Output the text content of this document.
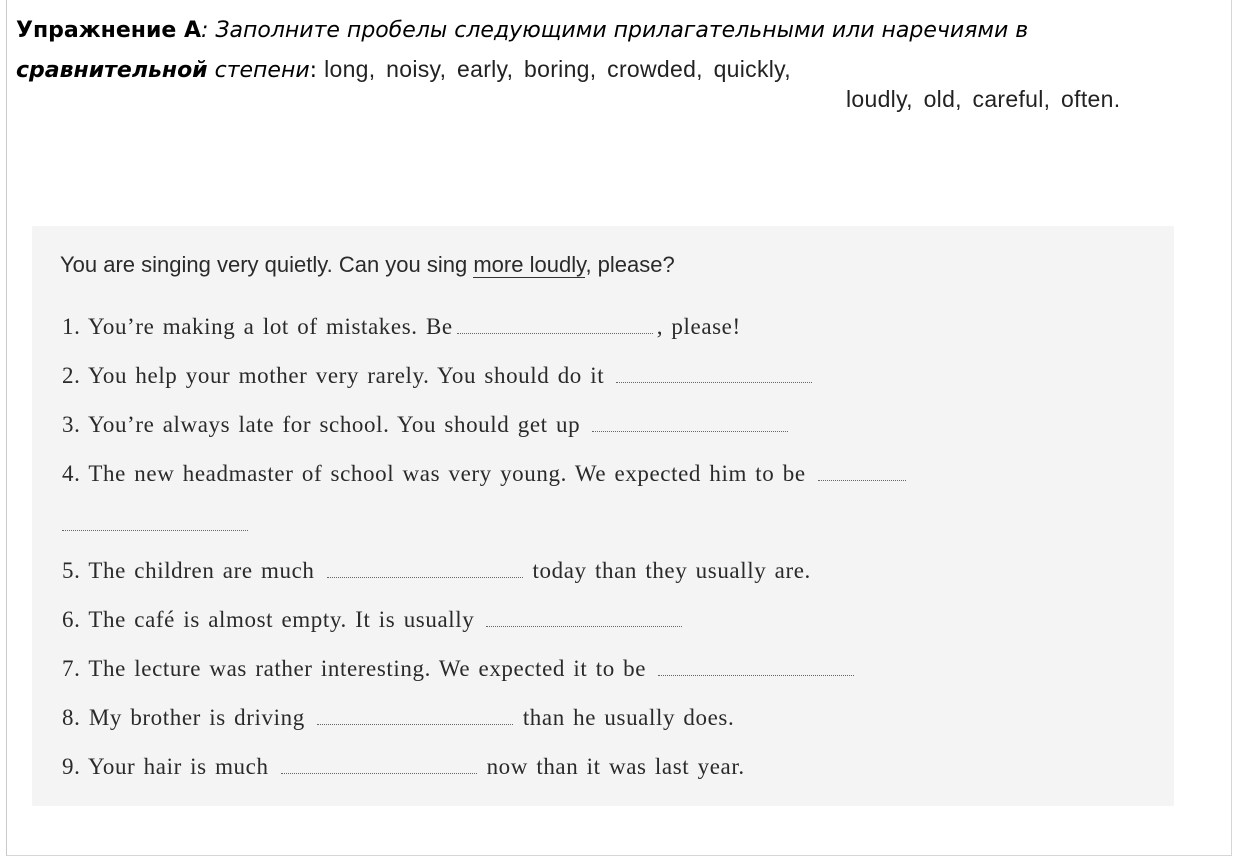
Упражнение А: Заполните пробелы следующими прилагательными или наречиями в
сравнительной степени: long, noisy, early, boring, crowded, quickly,
loudly, old, careful, often.
You are singing very quietly. Can you sing more loudly, please?
1. You’re making a lot of mistakes. Be	, please!
2. You help your mother very rarely. You should do it
3. You’re always late for school. You should get up
4. The new headmaster of school was very young. We expected him to be
5. The children are much	today than they usually are.
6. The café is almost empty. It is usually
7. The lecture was rather interesting. We expected it to be
8. My brother is driving	than he usually does.
9. Your hair is much	now than it was last year.
